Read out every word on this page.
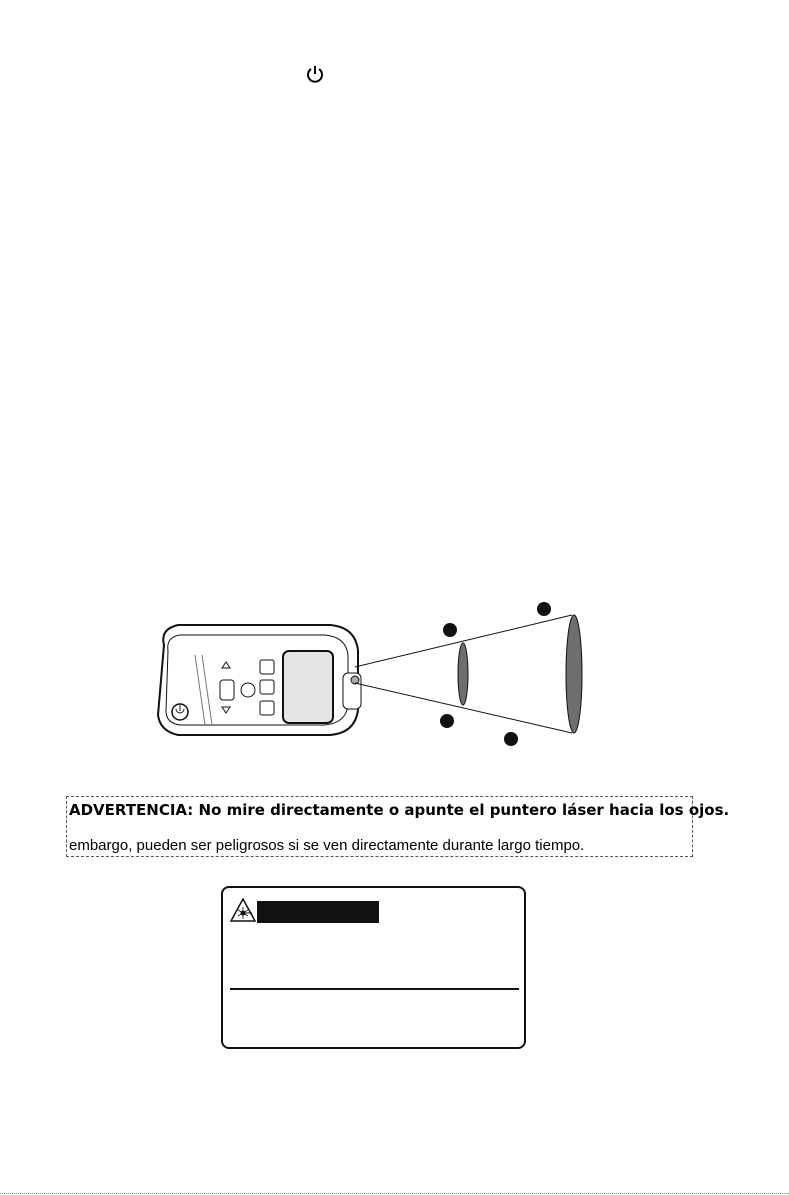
ADVERTENCIA: No mire directamente o apunte el puntero láser hacia los ojos.

embargo, pueden ser peligrosos si se ven directamente durante largo tiempo.
